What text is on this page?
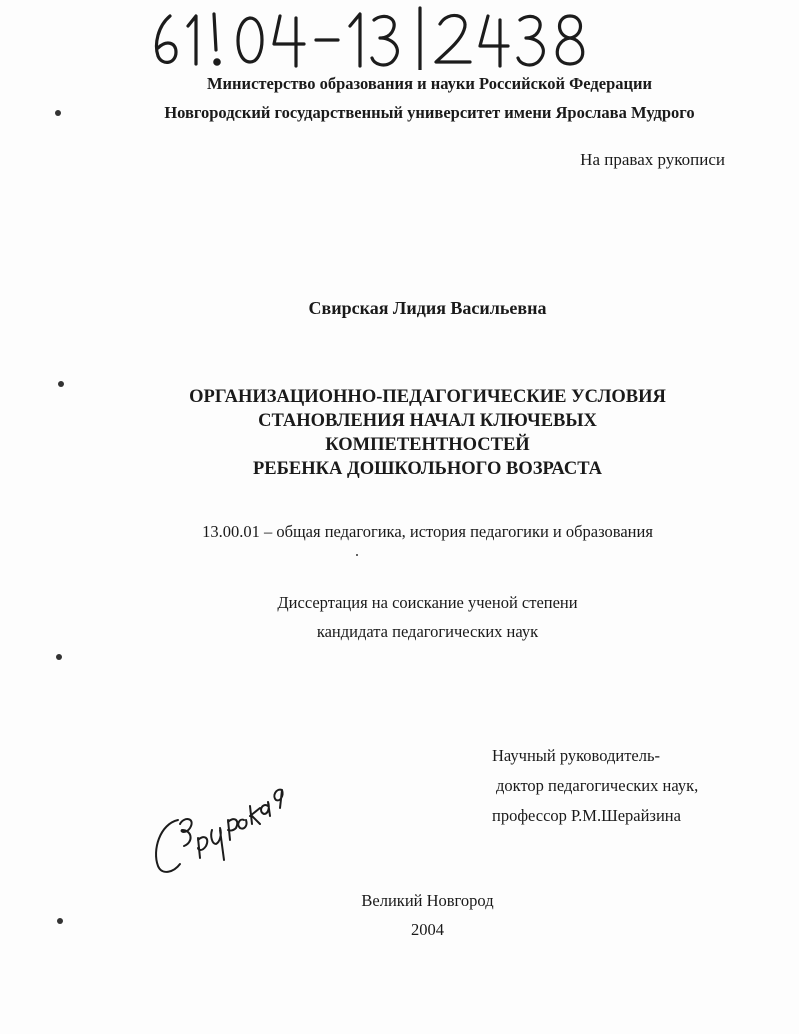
Министерство образования и науки Российской Федерации
Новгородский государственный университет имени Ярослава Мудрого
На правах рукописи
Свирская Лидия Васильевна
ОРГАНИЗАЦИОННО-ПЕДАГОГИЧЕСКИЕ УСЛОВИЯ
СТАНОВЛЕНИЯ НАЧАЛ КЛЮЧЕВЫХ
КОМПЕТЕНТНОСТЕЙ
РЕБЕНКА ДОШКОЛЬНОГО ВОЗРАСТА
13.00.01 – общая педагогика, история педагогики и образования
Диссертация на соискание ученой степени
кандидата педагогических наук
Научный руководитель-
доктор педагогических наук,
профессор Р.М.Шерайзина
Великий Новгород
2004
